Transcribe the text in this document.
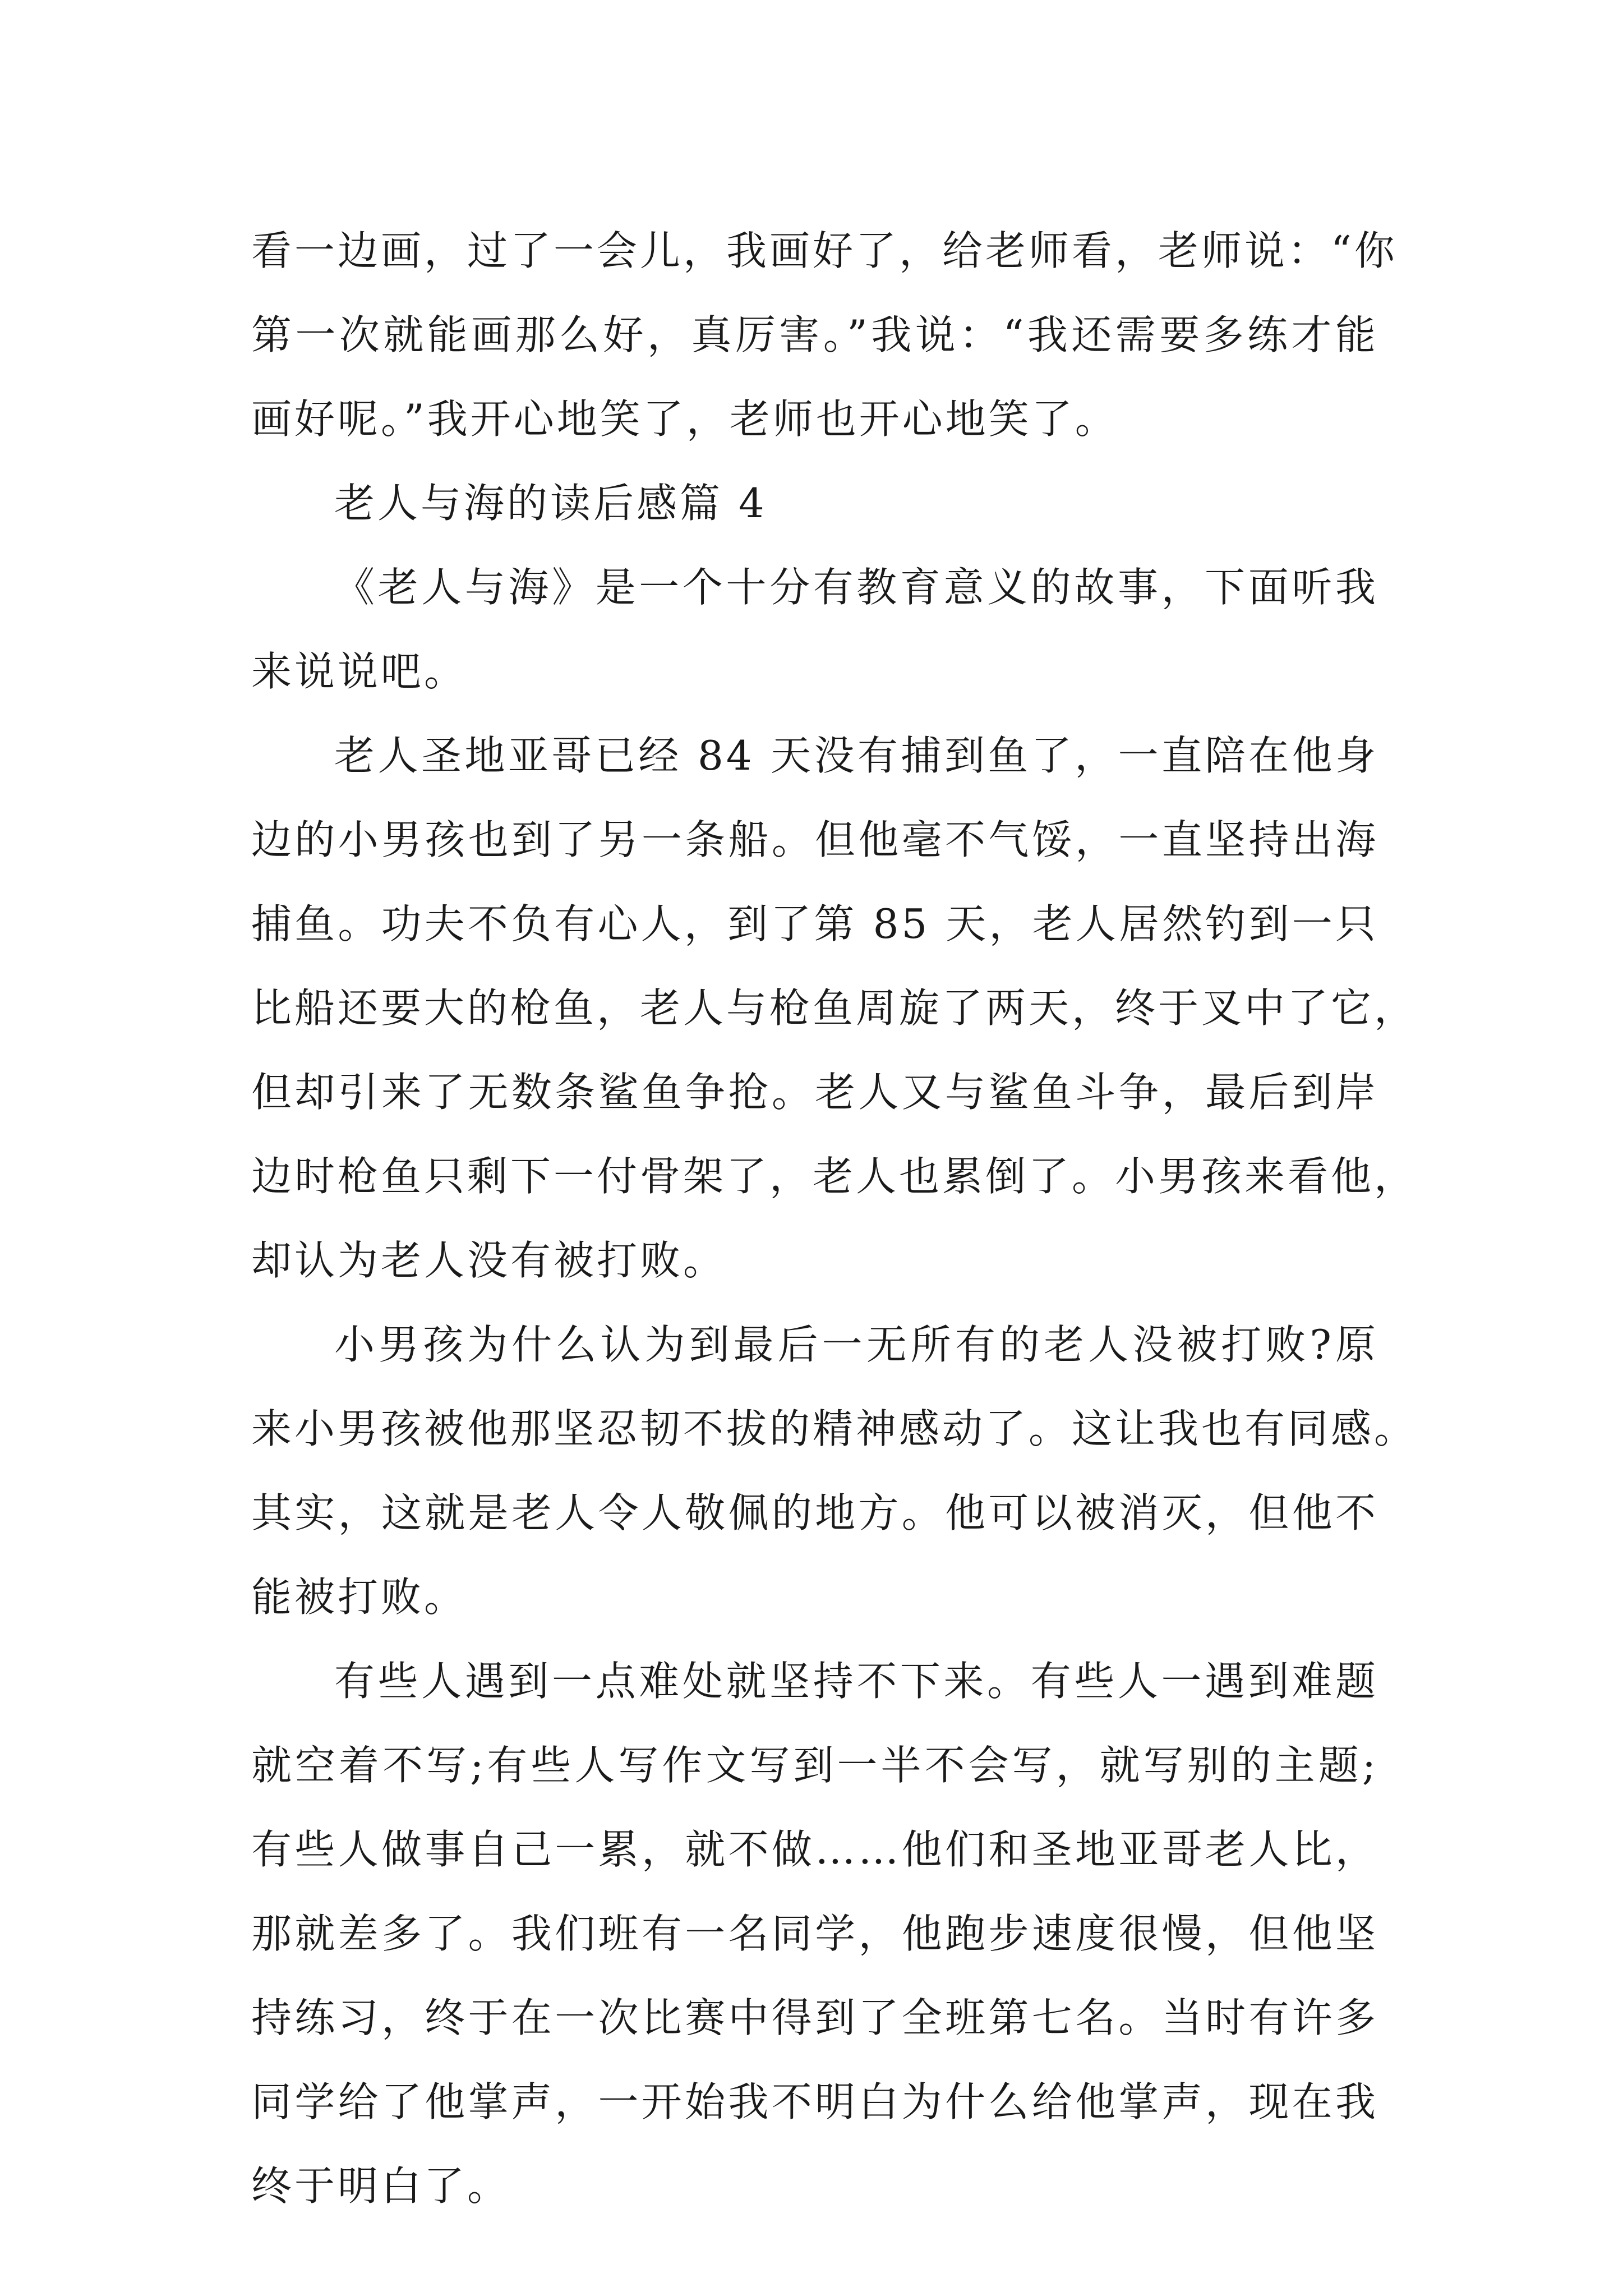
看一边画，过了一会儿，我画好了，给老师看，老师说：“你
第一次就能画那么好，真厉害。”我说：“我还需要多练才能
画好呢。”我开心地笑了，老师也开心地笑了。
老人与海的读后感篇 4
《老人与海》是一个十分有教育意义的故事，下面听我
来说说吧。
老人圣地亚哥已经 84 天没有捕到鱼了，一直陪在他身
边的小男孩也到了另一条船。但他毫不气馁，一直坚持出海
捕鱼。功夫不负有心人，到了第 85 天，老人居然钓到一只
比船还要大的枪鱼，老人与枪鱼周旋了两天，终于叉中了它，
但却引来了无数条鲨鱼争抢。老人又与鲨鱼斗争，最后到岸
边时枪鱼只剩下一付骨架了，老人也累倒了。小男孩来看他，
却认为老人没有被打败。
小男孩为什么认为到最后一无所有的老人没被打败?原
来小男孩被他那坚忍韧不拔的精神感动了。这让我也有同感。
其实，这就是老人令人敬佩的地方。他可以被消灭，但他不
能被打败。
有些人遇到一点难处就坚持不下来。有些人一遇到难题
就空着不写;有些人写作文写到一半不会写，就写别的主题;
有些人做事自己一累，就不做……他们和圣地亚哥老人比，
那就差多了。我们班有一名同学，他跑步速度很慢，但他坚
持练习，终于在一次比赛中得到了全班第七名。当时有许多
同学给了他掌声，一开始我不明白为什么给他掌声，现在我
终于明白了。
